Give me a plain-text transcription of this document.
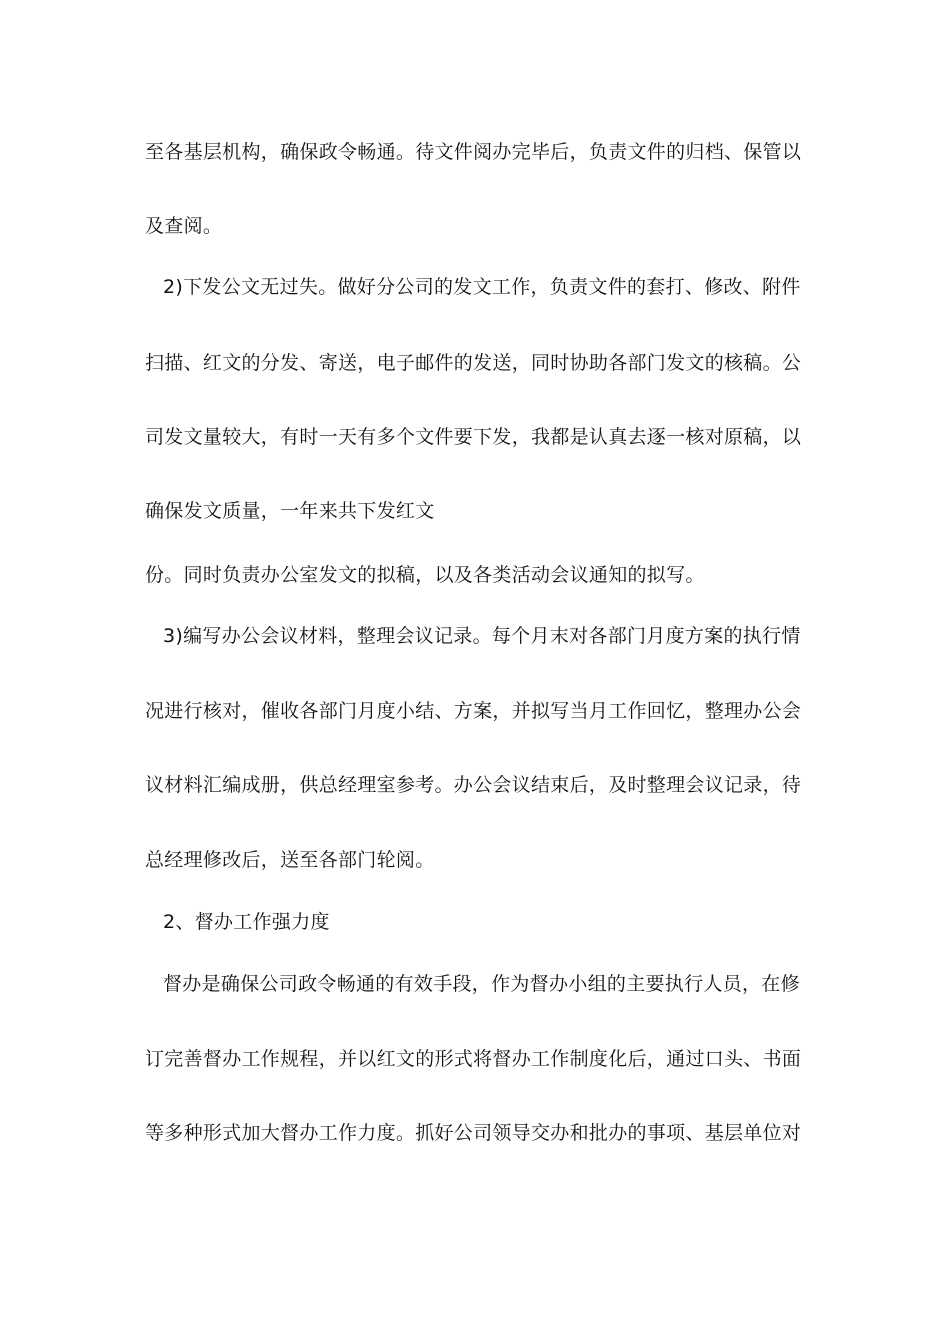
至各基层机构，确保政令畅通。待文件阅办完毕后，负责文件的归档、保管以
及查阅。
2)下发公文无过失。做好分公司的发文工作，负责文件的套打、修改、附件
扫描、红文的分发、寄送，电子邮件的发送，同时协助各部门发文的核稿。公
司发文量较大，有时一天有多个文件要下发，我都是认真去逐一核对原稿，以
确保发文质量，一年来共下发红文
份。同时负责办公室发文的拟稿，以及各类活动会议通知的拟写。
3)编写办公会议材料，整理会议记录。每个月末对各部门月度方案的执行情
况进行核对，催收各部门月度小结、方案，并拟写当月工作回忆，整理办公会
议材料汇编成册，供总经理室参考。办公会议结束后，及时整理会议记录，待
总经理修改后，送至各部门轮阅。
2、督办工作强力度
督办是确保公司政令畅通的有效手段，作为督办小组的主要执行人员，在修
订完善督办工作规程，并以红文的形式将督办工作制度化后，通过口头、书面
等多种形式加大督办工作力度。抓好公司领导交办和批办的事项、基层单位对
